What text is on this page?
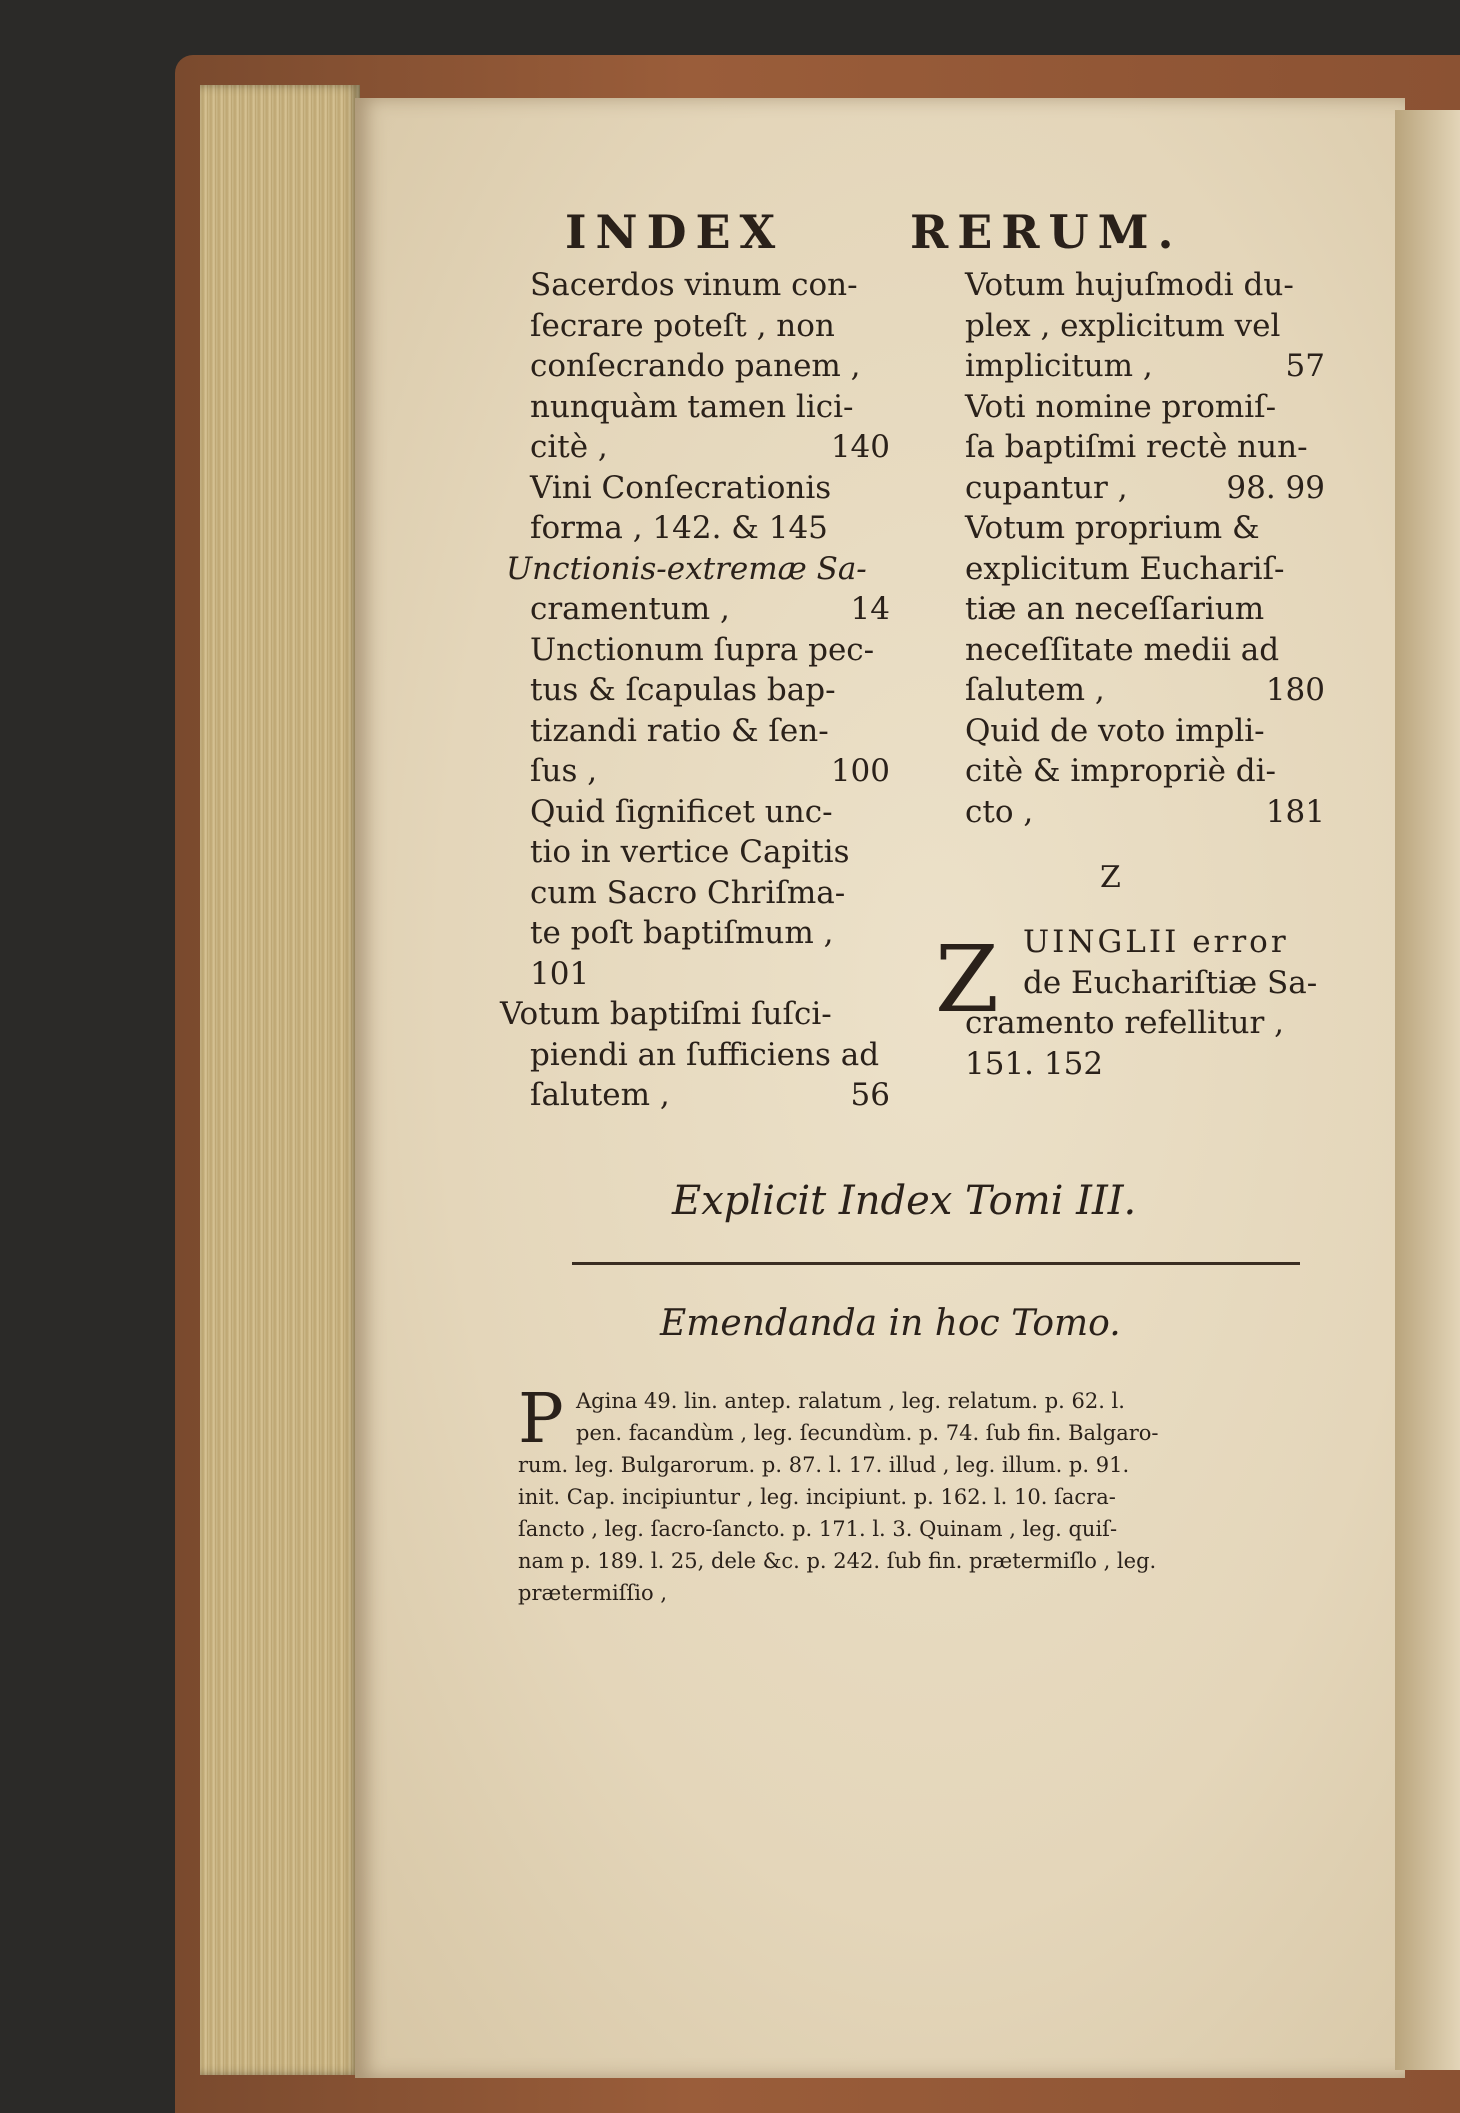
INDEX	RERUM.
Sacerdos vinum con-
ſecrare poteſt , non
conſecrando panem ,
nunquàm tamen lici-
citè ,	140
Vini Conſecrationis
forma , 142. & 145
Unctionis-extremæ Sa-
cramentum ,	14
Unctionum ſupra pec-
tus & ſcapulas bap-
tizandi ratio & ſen-
ſus ,	100
Quid ſignificet unc-
tio in vertice Capitis
cum Sacro Chriſma-
te poſt baptiſmum ,
101
Votum baptiſmi ſuſci-
piendi an ſufficiens ad
ſalutem ,	56
Votum hujuſmodi du-
plex , explicitum vel
implicitum ,	57
Voti nomine promiſ-
ſa baptiſmi rectè nun-
cupantur ,	98. 99
Votum proprium &
explicitum Euchariſ-
tiæ an neceſſarium
neceſſitate medii ad
ſalutem ,	180
Quid de voto impli-
citè & impropriè di-
cto ,	181
Z
Z UINGLII error
de Euchariſtiæ Sa-
cramento refellitur ,
151. 152
Explicit Index Tomi III.
Emendanda in hoc Tomo.
P Agina 49. lin. antep. ralatum , leg. relatum. p. 62. l.
pen. facandùm , leg. ſecundùm. p. 74. ſub fin. Balgaro-
rum. leg. Bulgarorum. p. 87. l. 17. illud , leg. illum. p. 91.
init. Cap. incipiuntur , leg. incipiunt. p. 162. l. 10. ſacra-
ſancto , leg. ſacro-ſancto. p. 171. l. 3. Quinam , leg. quiſ-
nam p. 189. l. 25, dele &c. p. 242. ſub fin. prætermiſlo , leg.
prætermiſſio ,
